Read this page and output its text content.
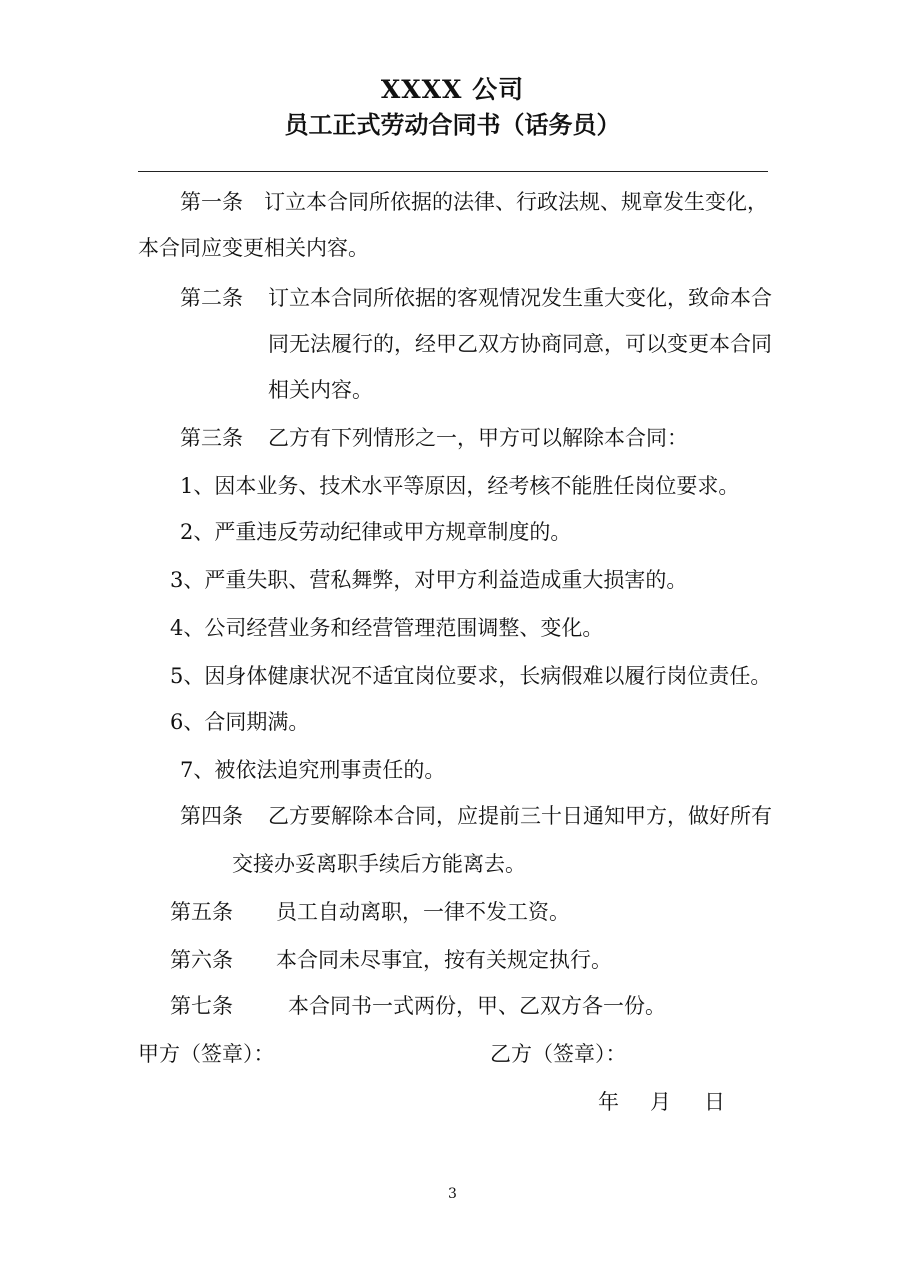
XXXX 公司
员工正式劳动合同书（话务员）
第一条 订立本合同所依据的法律、行政法规、规章发生变化，
本合同应变更相关内容。
第二条 订立本合同所依据的客观情况发生重大变化，致命本合
同无法履行的，经甲乙双方协商同意，可以变更本合同
相关内容。
第三条 乙方有下列情形之一，甲方可以解除本合同：
1、因本业务、技术水平等原因，经考核不能胜任岗位要求。
2、严重违反劳动纪律或甲方规章制度的。
3、严重失职、营私舞弊，对甲方利益造成重大损害的。
4、公司经营业务和经营管理范围调整、变化。
5、因身体健康状况不适宜岗位要求，长病假难以履行岗位责任。
6、合同期满。
7、被依法追究刑事责任的。
第四条 乙方要解除本合同，应提前三十日通知甲方，做好所有
交接办妥离职手续后方能离去。
第五条 员工自动离职，一律不发工资。
第六条 本合同未尽事宜，按有关规定执行。
第七条	本合同书一式两份，甲、乙双方各一份。
甲方（签章）：	乙方（签章）：
年 月 日
3
